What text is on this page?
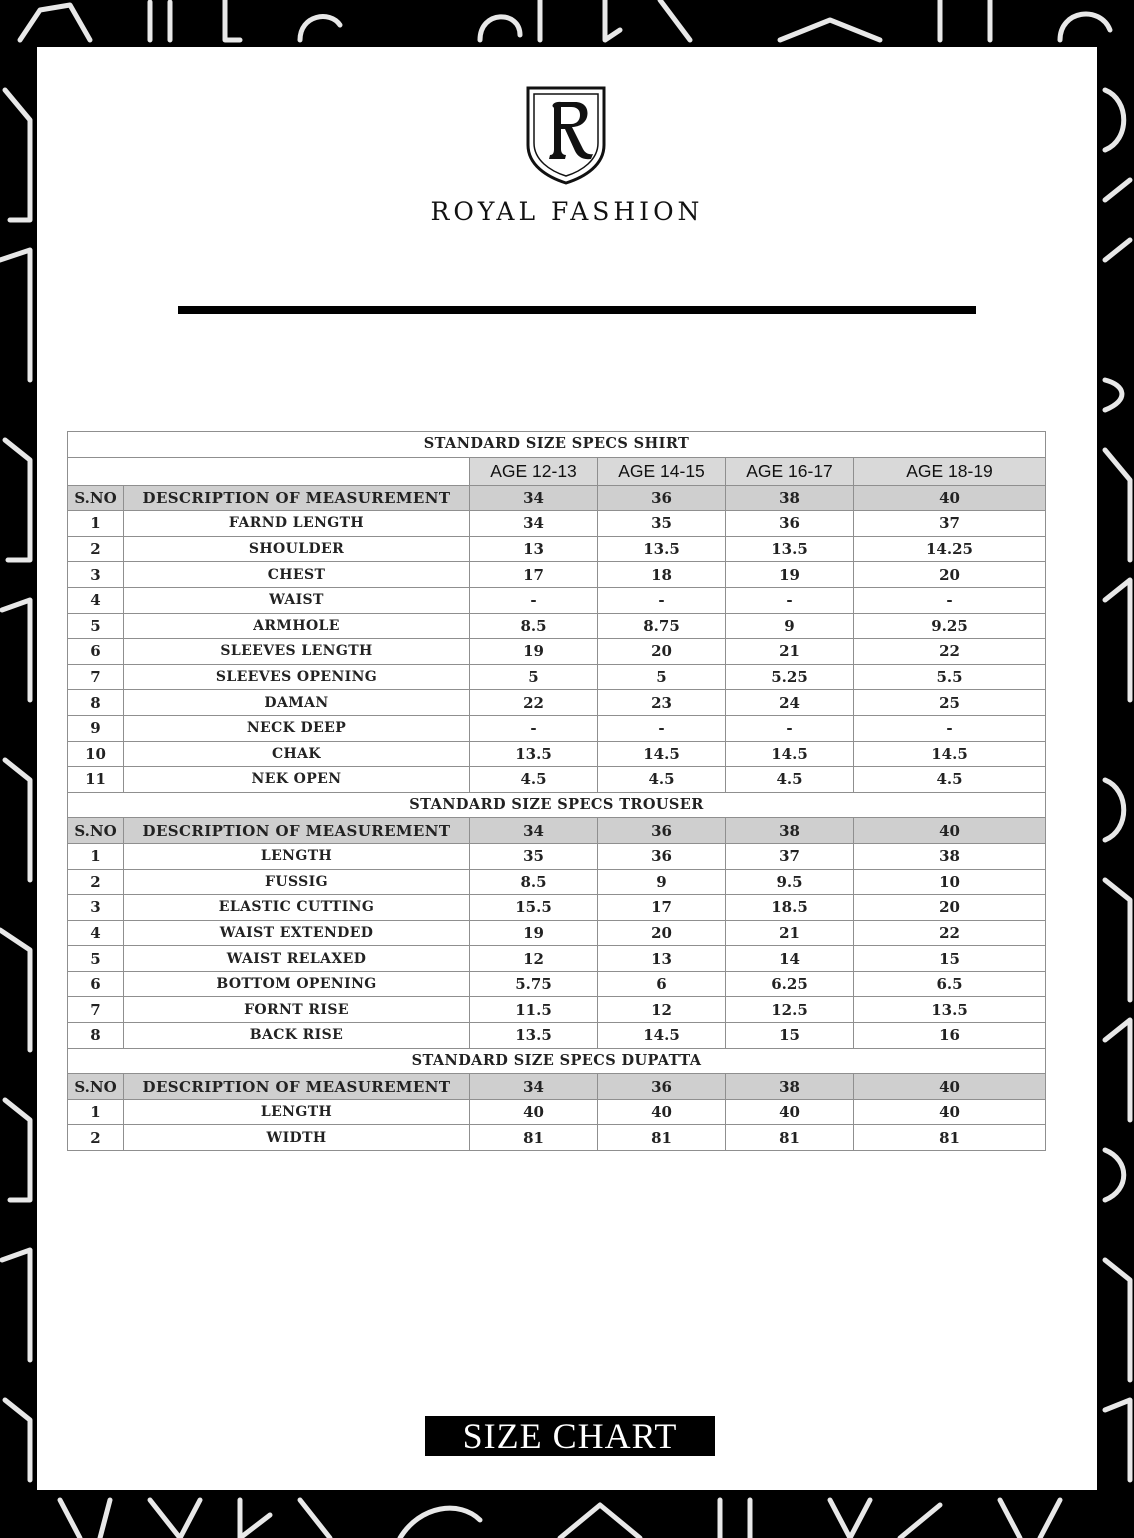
ROYAL FASHION
STANDARD SIZE SPECS SHIRT					
		AGE 12-13	AGE 14-15	AGE 16-17	AGE 18-19
S.NO	DESCRIPTION OF MEASUREMENT	34	36	38	40
1	FARND LENGTH	34	35	36	37
2	SHOULDER	13	13.5	13.5	14.25
3	CHEST	17	18	19	20
4	WAIST	-	-	-	-
5	ARMHOLE	8.5	8.75	9	9.25
6	SLEEVES LENGTH	19	20	21	22
7	SLEEVES OPENING	5	5	5.25	5.5
8	DAMAN	22	23	24	25
9	NECK DEEP	-	-	-	-
10	CHAK	13.5	14.5	14.5	14.5
11	NEK OPEN	4.5	4.5	4.5	4.5
STANDARD SIZE SPECS TROUSER					
S.NO	DESCRIPTION OF MEASUREMENT	34	36	38	40
1	LENGTH	35	36	37	38
2	FUSSIG	8.5	9	9.5	10
3	ELASTIC CUTTING	15.5	17	18.5	20
4	WAIST EXTENDED	19	20	21	22
5	WAIST RELAXED	12	13	14	15
6	BOTTOM OPENING	5.75	6	6.25	6.5
7	FORNT RISE	11.5	12	12.5	13.5
8	BACK RISE	13.5	14.5	15	16
STANDARD SIZE SPECS DUPATTA					
S.NO	DESCRIPTION OF MEASUREMENT	34	36	38	40
1	LENGTH	40	40	40	40
2	WIDTH	81	81	81	81
SIZE CHART
